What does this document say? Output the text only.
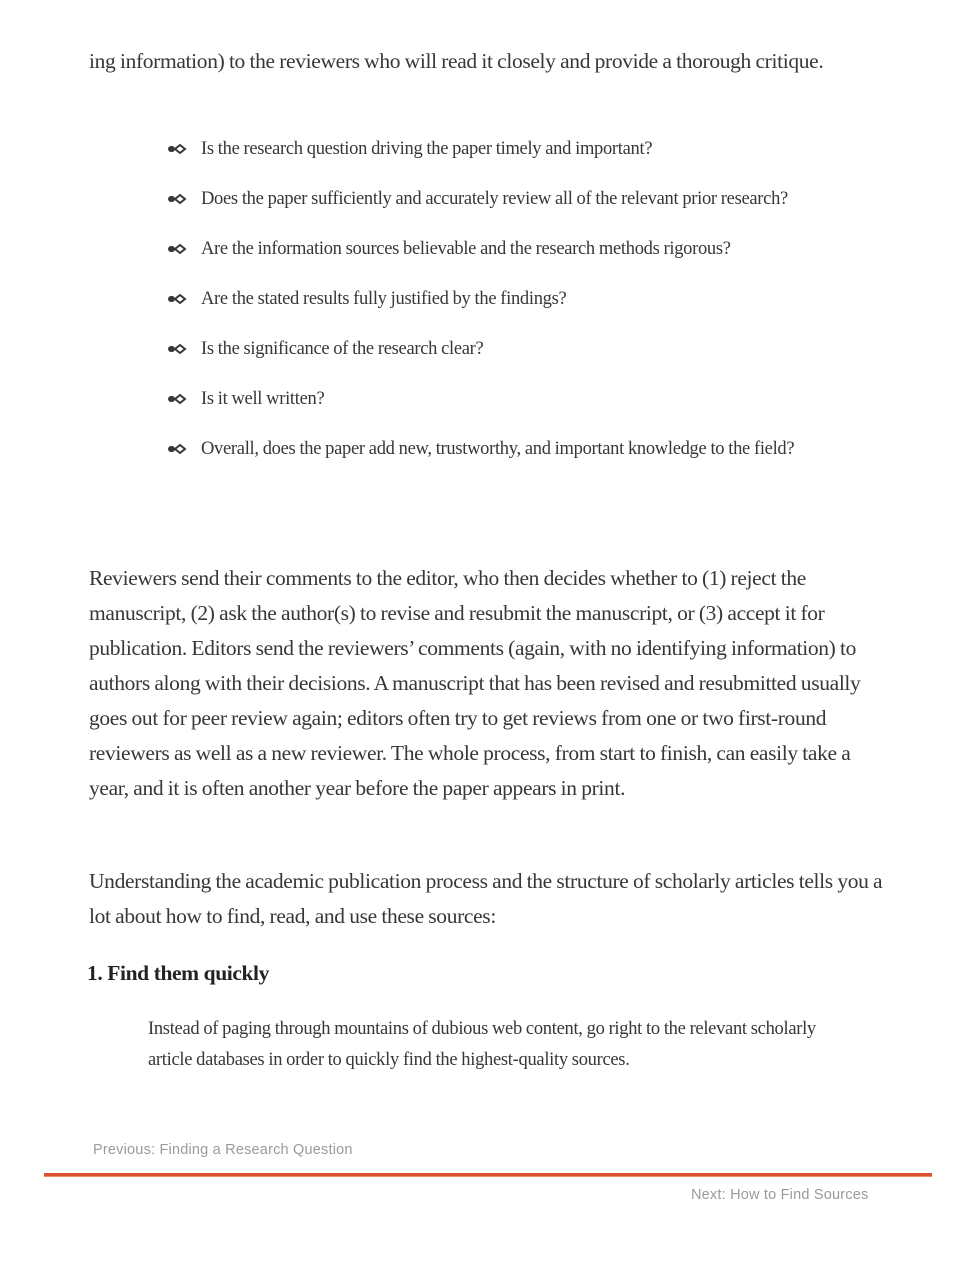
ing information) to the reviewers who will read it closely and provide a thorough critique.

Is the research question driving the paper timely and important?
Does the paper sufficiently and accurately review all of the relevant prior research?
Are the information sources believable and the research methods rigorous?
Are the stated results fully justified by the findings?
Is the significance of the research clear?
Is it well written?
Overall, does the paper add new, trustworthy, and important knowledge to the field?

Reviewers send their comments to the editor, who then decides whether to (1) reject the manuscript, (2) ask the author(s) to revise and resubmit the manuscript, or (3) accept it for publication. Editors send the reviewers’ comments (again, with no identifying information) to authors along with their decisions. A manuscript that has been revised and resubmitted usually goes out for peer review again; editors often try to get reviews from one or two first-round reviewers as well as a new reviewer. The whole process, from start to finish, can easily take a year, and it is often another year before the paper appears in print.

Understanding the academic publication process and the structure of scholarly articles tells you a lot about how to find, read, and use these sources:

1. Find them quickly

Instead of paging through mountains of dubious web content, go right to the relevant scholarly article databases in order to quickly find the highest-quality sources.

Previous: Finding a Research Question
Next: How to Find Sources
